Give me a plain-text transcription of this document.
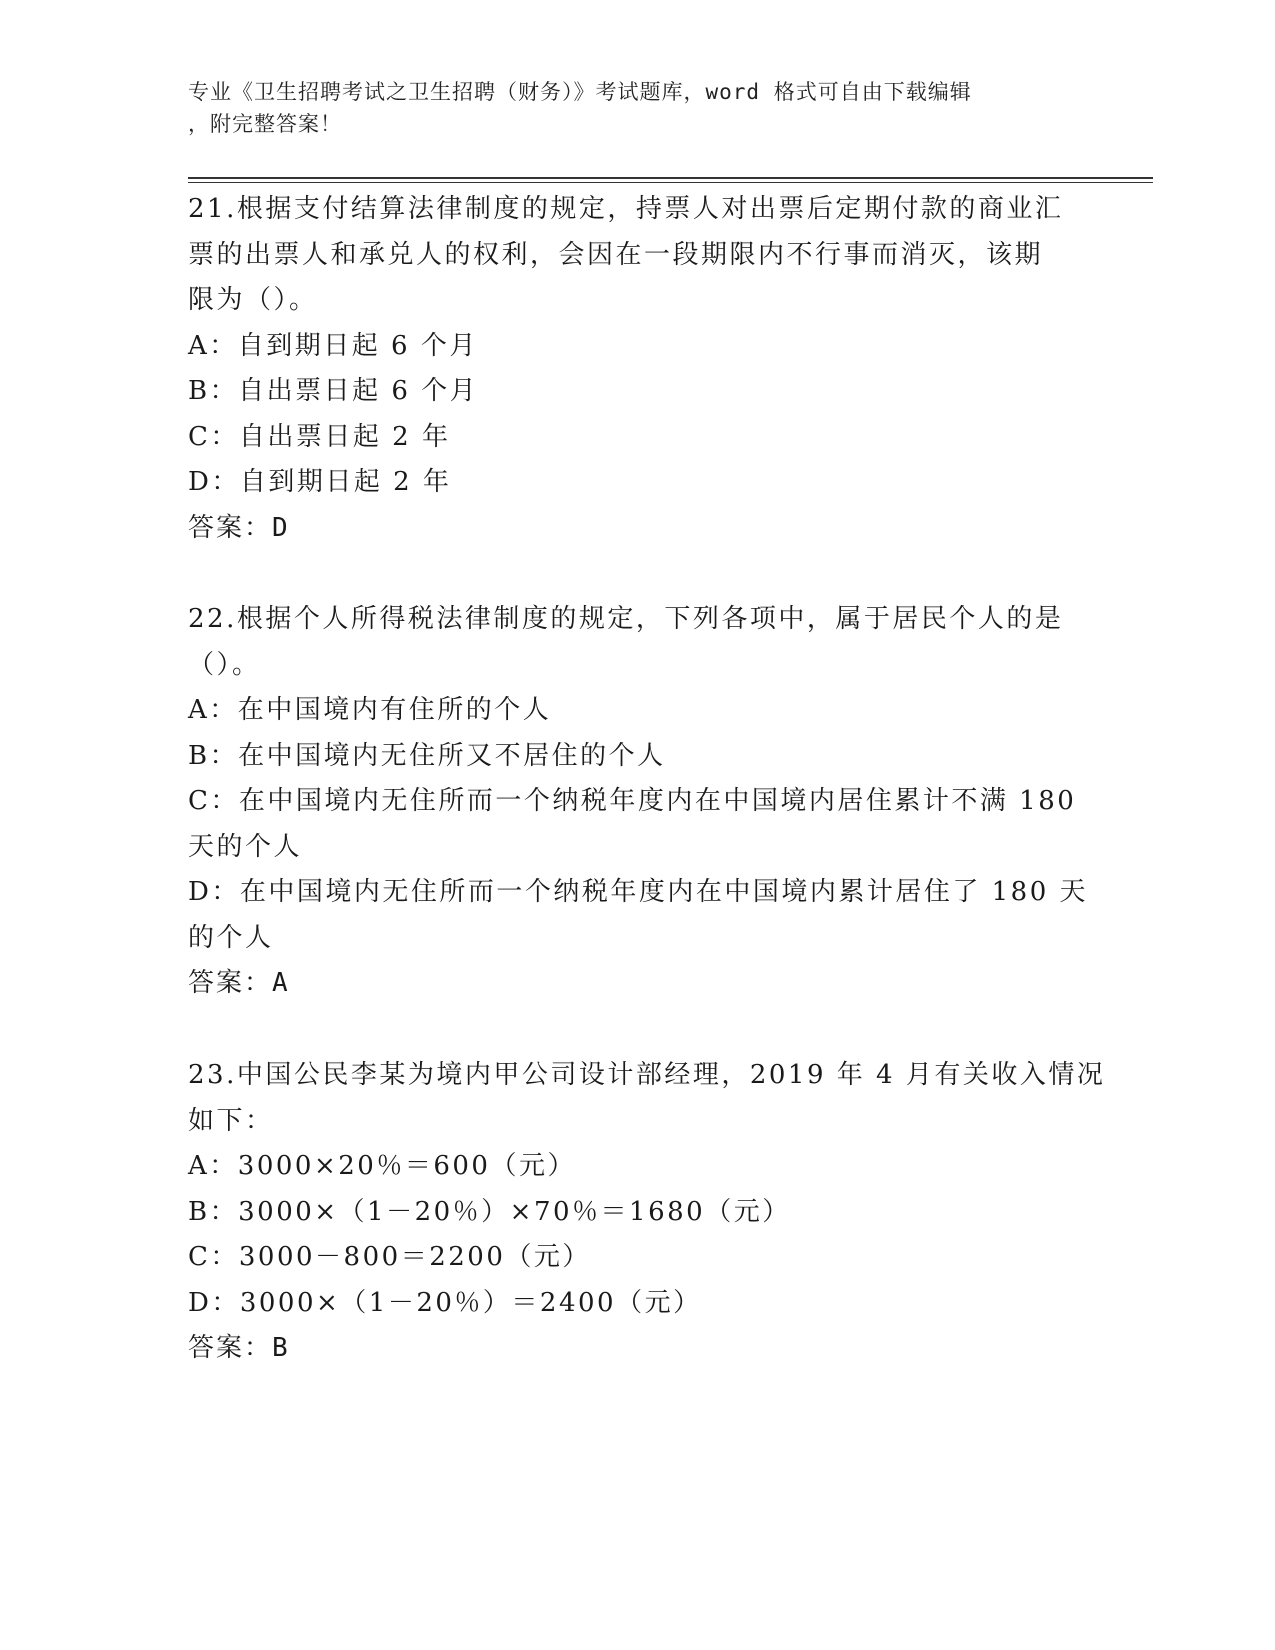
专业《卫生招聘考试之卫生招聘（财务）》考试题库，word 格式可自由下载编辑
，附完整答案！
21.根据支付结算法律制度的规定，持票人对出票后定期付款的商业汇
票的出票人和承兑人的权利，会因在一段期限内不行事而消灭，该期
限为（）。
A：自到期日起 6 个月
B：自出票日起 6 个月
C：自出票日起 2 年
D：自到期日起 2 年
答案：D
22.根据个人所得税法律制度的规定，下列各项中，属于居民个人的是
（）。
A：在中国境内有住所的个人
B：在中国境内无住所又不居住的个人
C：在中国境内无住所而一个纳税年度内在中国境内居住累计不满 180
天的个人
D：在中国境内无住所而一个纳税年度内在中国境内累计居住了 180 天
的个人
答案：A
23.中国公民李某为境内甲公司设计部经理，2019 年 4 月有关收入情况
如下：
A：3000×20％＝600（元）
B：3000×（1－20％）×70％＝1680（元）
C：3000－800＝2200（元）
D：3000×（1－20％）＝2400（元）
答案：B
